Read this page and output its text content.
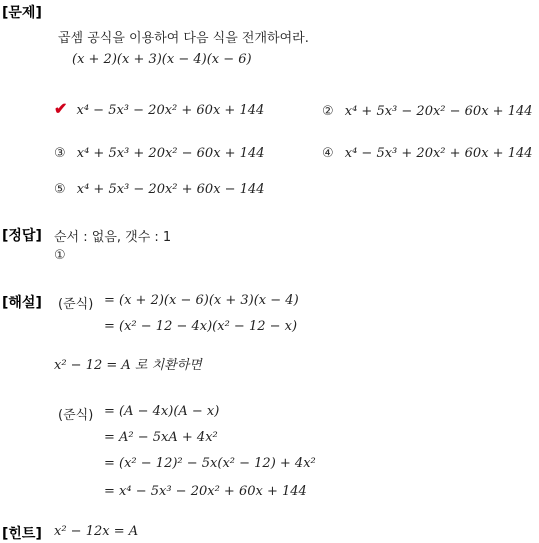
[문제]
[정답]
[해설]
[힌트]
곱셈 공식을 이용하여 다음 식을 전개하여라.
(x + 2)(x + 3)(x − 4)(x − 6)
✔ x⁴ − 5x³ − 20x² + 60x + 144	② x⁴ + 5x³ − 20x² − 60x + 144
③ x⁴ + 5x³ + 20x² − 60x + 144	④ x⁴ − 5x³ + 20x² + 60x + 144
⑤ x⁴ + 5x³ − 20x² + 60x − 144
순서 : 없음, 갯수 : 1
①
(준식) = (x + 2)(x − 6)(x + 3)(x − 4)
= (x² − 12 − 4x)(x² − 12 − x)
x² − 12 = A 로 치환하면
(준식) = (A − 4x)(A − x)
= A² − 5xA + 4x²
= (x² − 12)² − 5x(x² − 12) + 4x²
= x⁴ − 5x³ − 20x² + 60x + 144
x² − 12x = A
